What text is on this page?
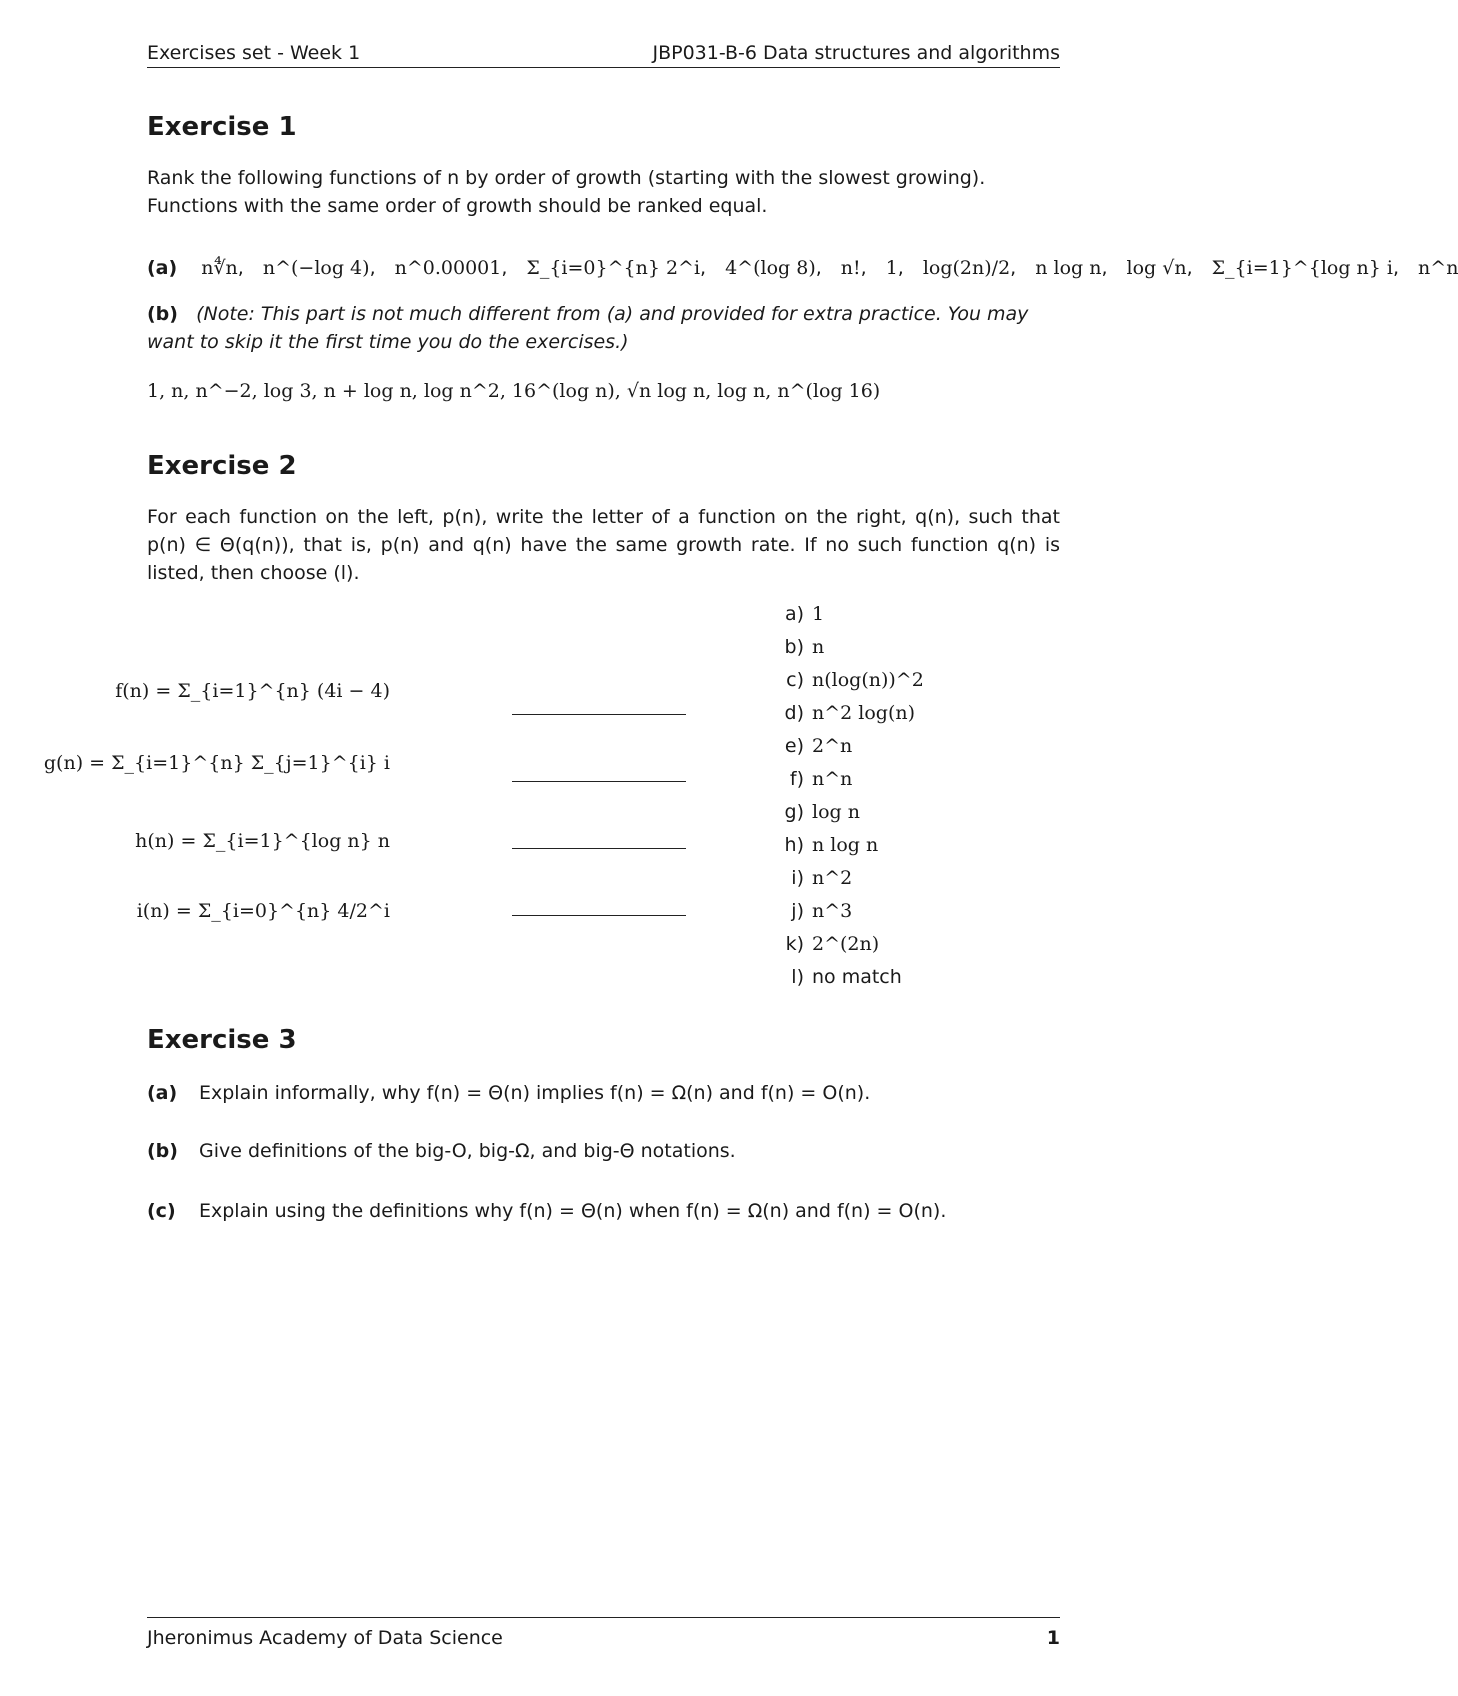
Exercises set - Week 1	JBP031-B-6 Data structures and algorithms
Exercise 1

Rank the following functions of n by order of growth (starting with the slowest growing). Functions with the same order of growth should be ranked equal.

(a) n∜n , n^(−log 4) , n^0.00001 , Σ_{i=0}^{n} 2^i , 4^(log 8) , n! , 1 , log(2n)/2 , n log n , log √n , Σ_{i=1}^{log n} i , n^n

(b) (Note: This part is not much different from (a) and provided for extra practice. You may want to skip it the first time you do the exercises.)

1, n, n^−2, log 3, n + log n, log n^2, 16^(log n), √n log n, log n, n^(log 16)
Exercise 2

For each function on the left, p(n), write the letter of a function on the right, q(n), such that p(n) ∈ Θ(q(n)), that is, p(n) and q(n) have the same growth rate. If no such function q(n) is listed, then choose (l).

f(n) = Σ_{i=1}^{n} (4i − 4)
g(n) = Σ_{i=1}^{n} Σ_{j=1}^{i} i
h(n) = Σ_{i=1}^{log n} n
i(n) = Σ_{i=0}^{n} 4/2^i
a) 1
b) n
c) n(log(n))^2
d) n^2 log(n)
e) 2^n
f) n^n
g) log n
h) n log n
i) n^2
j) n^3
k) 2^(2n)
l) no match
Exercise 3
(a) Explain informally, why f(n) = Θ(n) implies f(n) = Ω(n) and f(n) = O(n).
(b) Give definitions of the big-O, big-Ω, and big-Θ notations.
(c) Explain using the definitions why f(n) = Θ(n) when f(n) = Ω(n) and f(n) = O(n).
Jheronimus Academy of Data Science	1
